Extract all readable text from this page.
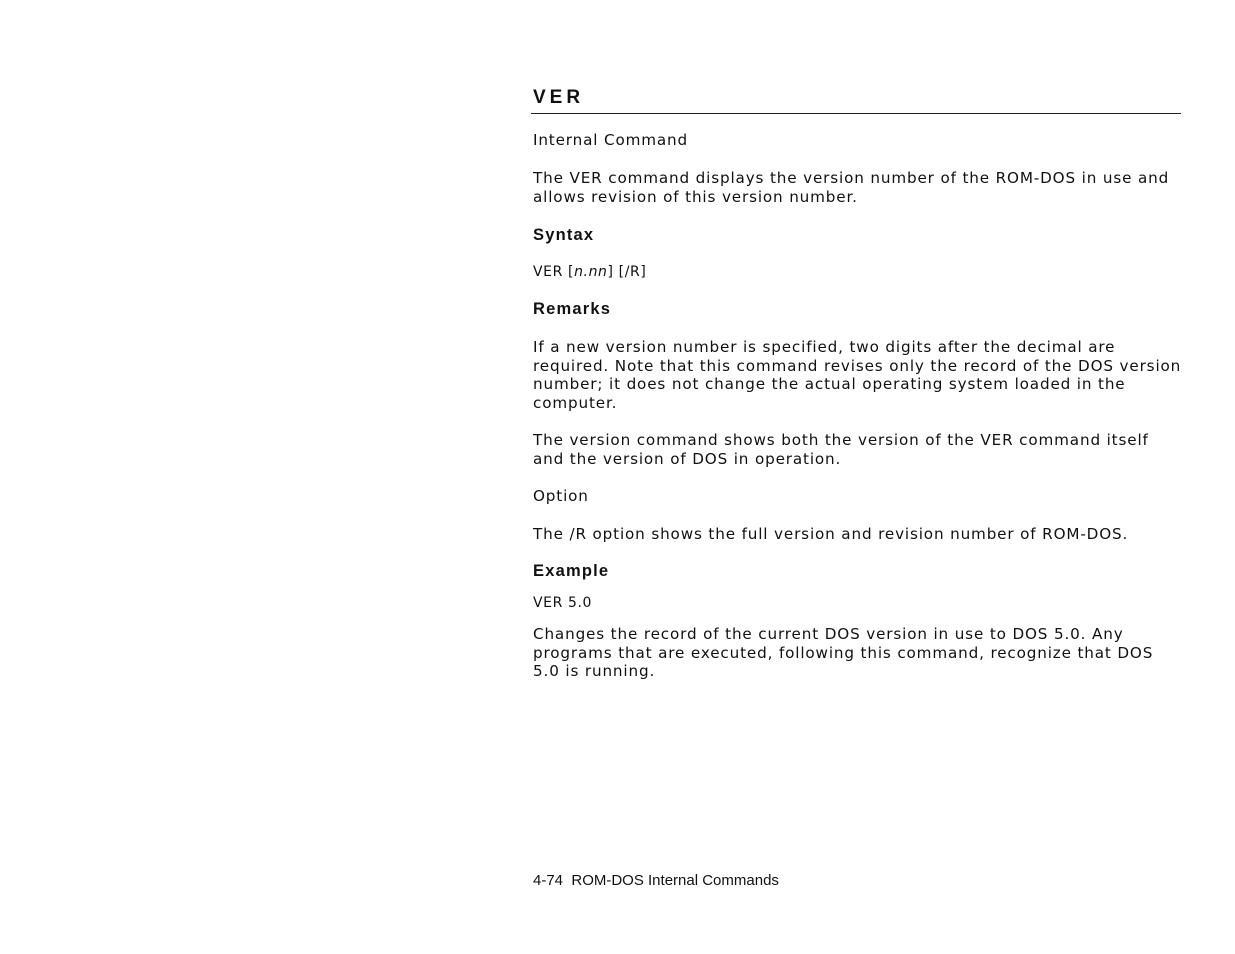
VER

Internal Command

The VER command displays the version number of the ROM-DOS in use and allows revision of this version number.

Syntax

VER [n.nn] [/R]

Remarks

If a new version number is specified, two digits after the decimal are required. Note that this command revises only the record of the DOS version number; it does not change the actual operating system loaded in the computer.

The version command shows both the version of the VER command itself and the version of DOS in operation.

Option

The /R option shows the full version and revision number of ROM-DOS.

Example

VER 5.0

Changes the record of the current DOS version in use to DOS 5.0. Any programs that are executed, following this command, recognize that DOS 5.0 is running.

4-74  ROM-DOS Internal Commands
